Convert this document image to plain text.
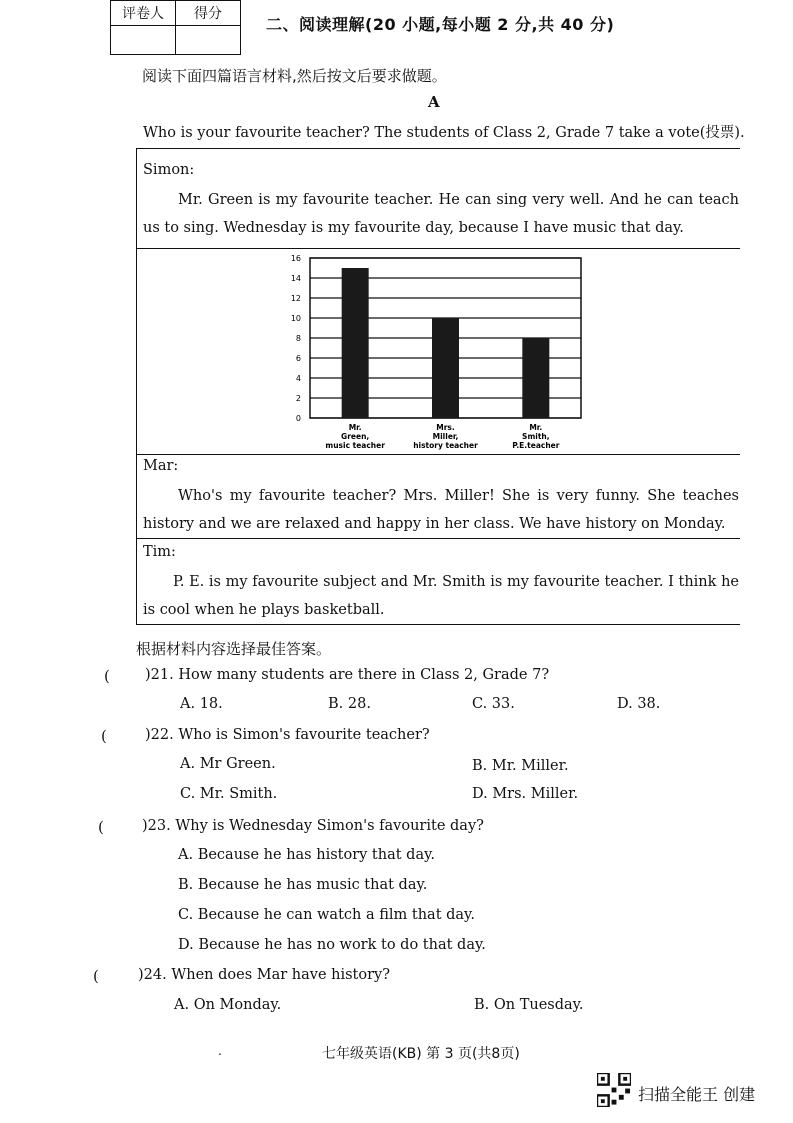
评卷人	得分

二、阅读理解(20 小题,每小题 2 分,共 40 分)
阅读下面四篇语言材料,然后按文后要求做题。
A
Who is your favourite teacher? The students of Class 2, Grade 7 take a vote(投票).
Simon:
Mr. Green is my favourite teacher. He can sing very well. And he can teach us to sing. Wednesday is my favourite day, because I have music that day.
0
2
4
6
8
10
12
14
16
Mr. Green, music teacher
Mrs. Miller, history teacher
Mr. Smith, P.E.teacher
Mar:
Who's my favourite teacher? Mrs. Miller! She is very funny. She teaches history and we are relaxed and happy in her class. We have history on Monday.
Tim:
P. E. is my favourite subject and Mr. Smith is my favourite teacher. I think he is cool when he plays basketball.
根据材料内容选择最佳答案。
( )21. How many students are there in Class 2, Grade 7?
A. 18.	B. 28.	C. 33.	D. 38.
(	)22. Who is Simon's favourite teacher?
A. Mr Green.	B. Mr. Miller.
C. Mr. Smith.	D. Mrs. Miller.
(	)23. Why is Wednesday Simon's favourite day?
A. Because he has history that day.
B. Because he has music that day.
C. Because he can watch a film that day.
D. Because he has no work to do that day.
(	)24. When does Mar have history?
A. On Monday.	B. On Tuesday.
.	七年级英语(KB) 第 3 页(共8页)
扫描全能王 创建
